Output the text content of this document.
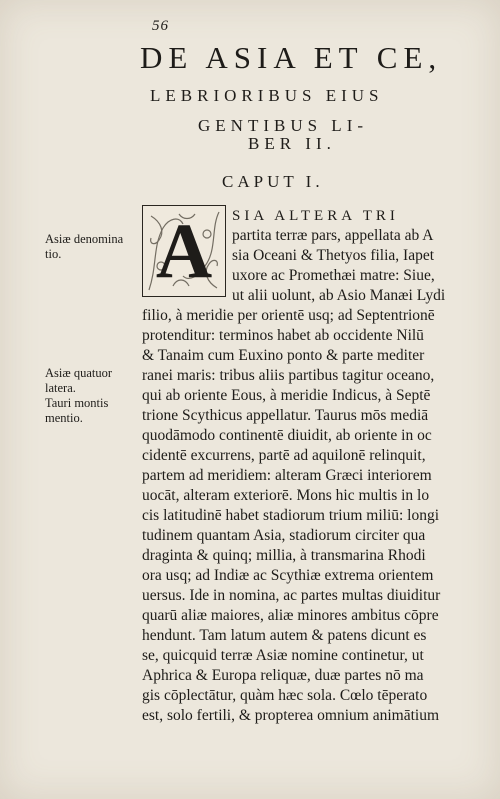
56
DE ASIA ET CE,
LEBRIORIBUS EIUS
GENTIBUS LI-
BER II.
CAPUT I.
A
Asiæ denomina
tio.
Asiæ quatuor
latera.
Tauri montis
mentio.
SIA ALTERA TRI
partita terræ pars, appellata ab A
sia Oceani & Thetyos filia, Iapet
uxore ac Promethæi matre: Siue,
ut alii uolunt, ab Asio Manæi Lydi
filio, à meridie per orientē usq; ad Septentrionē
protenditur: terminos habet ab occidente Nilū
& Tanaim cum Euxino ponto & parte mediter
ranei maris: tribus aliis partibus tagitur oceano,
qui ab oriente Eous, à meridie Indicus, à Septē
trione Scythicus appellatur. Taurus mōs mediā
quodāmodo continentē diuidit, ab oriente in oc
cidentē excurrens, partē ad aquilonē relinquit,
partem ad meridiem: alteram Græci interiorem
uocāt, alteram exteriorē. Mons hic multis in lo
cis latitudinē habet stadiorum trium miliū: longi
tudinem quantam Asia, stadiorum circiter qua
draginta & quinq; millia, à transmarina Rhodi
ora usq; ad Indiæ ac Scythiæ extrema orientem
uersus. Ide in nomina, ac partes multas diuiditur
quarū aliæ maiores, aliæ minores ambitus cōpre
hendunt. Tam latum autem & patens dicunt es
se, quicquid terræ Asiæ nomine continetur, ut
Aphrica & Europa reliquæ, duæ partes nō ma
gis cōplectātur, quàm hæc sola. Cœlo tēperato
est, solo fertili, & propterea omnium animātium
